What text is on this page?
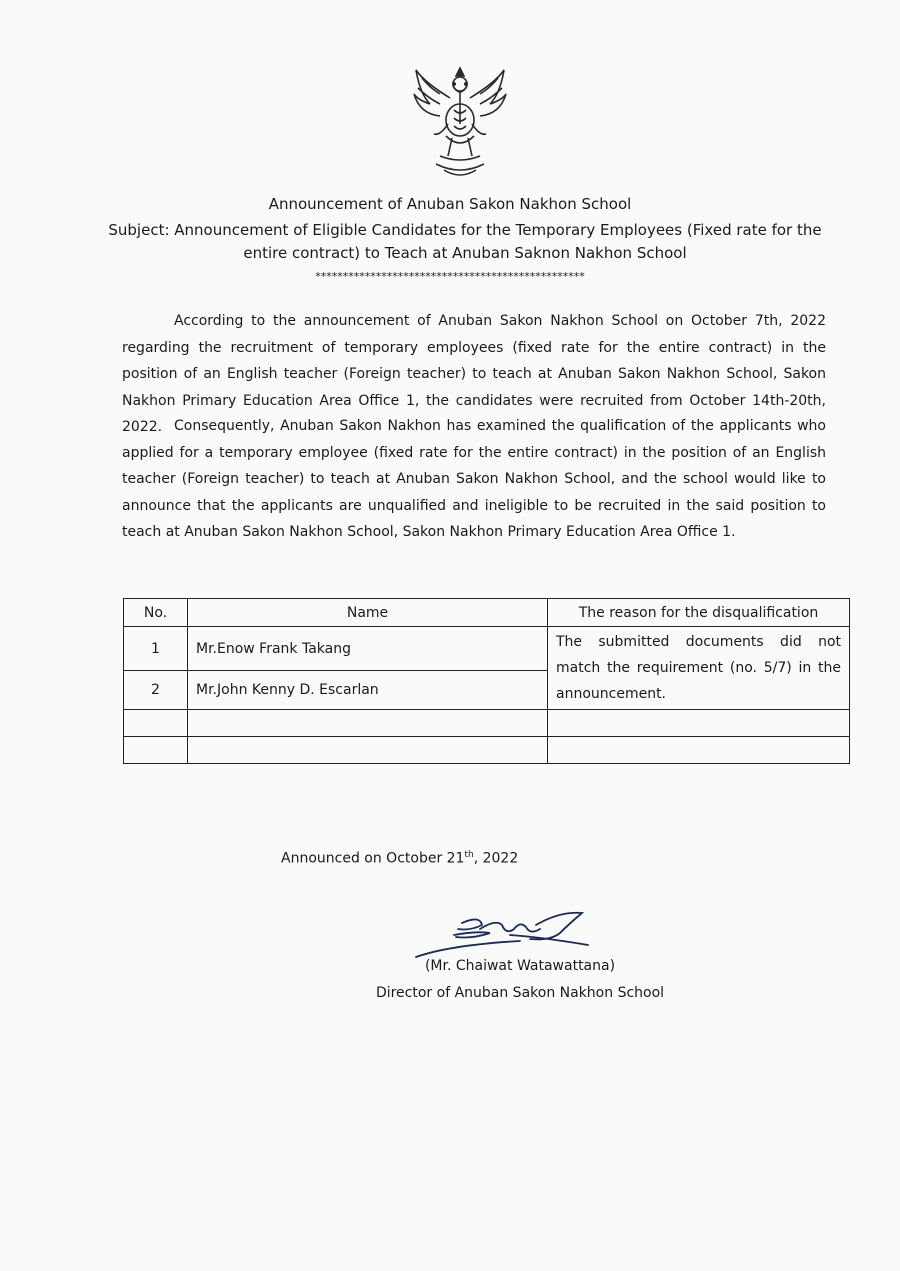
Announcement of Anuban Sakon Nakhon School
Subject: Announcement of Eligible Candidates for the Temporary Employees (Fixed rate for the entire contract) to Teach at Anuban Saknon Nakhon School
*************************************************
According to the announcement of Anuban Sakon Nakhon School on October 7th, 2022 regarding the recruitment of temporary employees (fixed rate for the entire contract) in the position of an English teacher (Foreign teacher) to teach at Anuban Sakon Nakhon School, Sakon Nakhon Primary Education Area Office 1, the candidates were recruited from October 14th-20th, 2022. Consequently, Anuban Sakon Nakhon has examined the qualification of the applicants who applied for a temporary employee (fixed rate for the entire contract) in the position of an English teacher (Foreign teacher) to teach at Anuban Sakon Nakhon School, and the school would like to announce that the applicants are unqualified and ineligible to be recruited in the said position to teach at Anuban Sakon Nakhon School, Sakon Nakhon Primary Education Area Office 1.
No.	Name	The reason for the disqualification
1	Mr.Enow Frank Takang	The submitted documents did not match the requirement (no. 5/7) in the announcement.
2	Mr.John Kenny D. Escarlan	

Announced on October 21th, 2022
(Mr. Chaiwat Watawattana)
Director of Anuban Sakon Nakhon School
